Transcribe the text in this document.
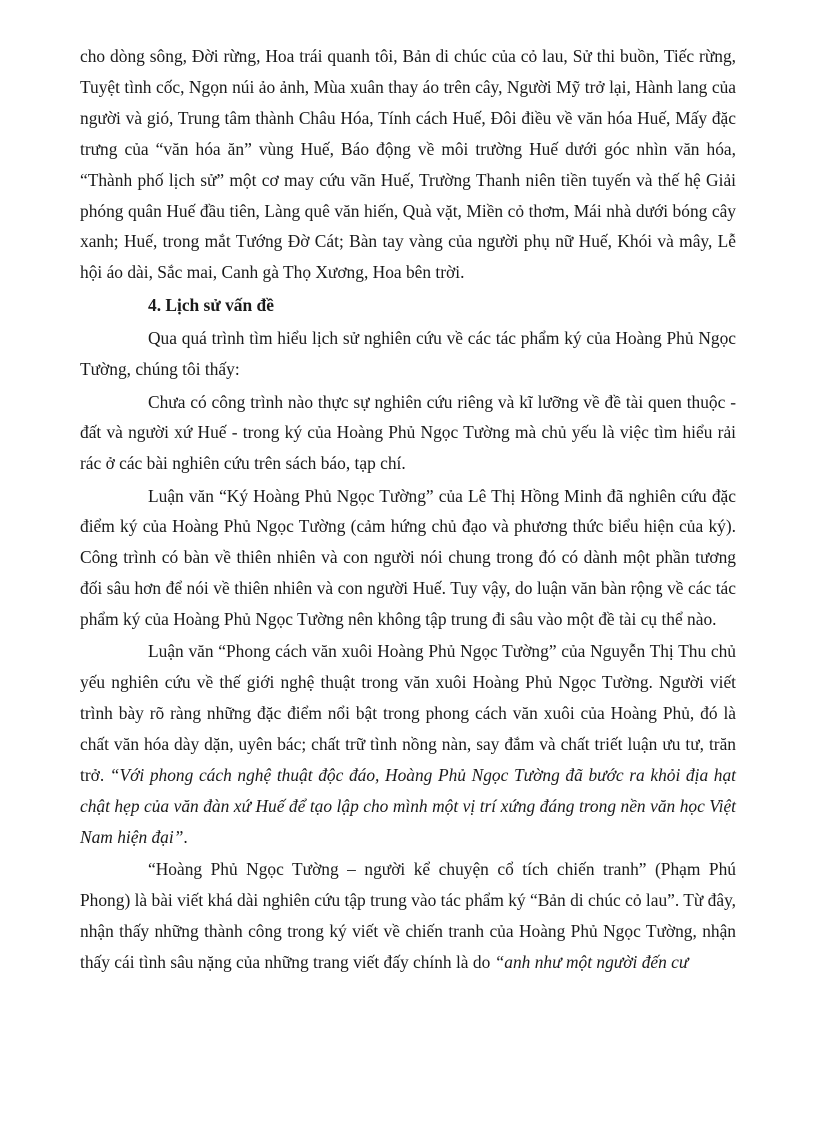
cho dòng sông, Đời rừng, Hoa trái quanh tôi, Bản di chúc của cỏ lau, Sử thi buồn, Tiếc rừng, Tuyệt tình cốc, Ngọn núi ảo ảnh, Mùa xuân thay áo trên cây, Người Mỹ trở lại, Hành lang của người và gió, Trung tâm thành Châu Hóa, Tính cách Huế, Đôi điều về văn hóa Huế, Mấy đặc trưng của “văn hóa ăn” vùng Huế, Báo động về môi trường Huế dưới góc nhìn văn hóa, “Thành phố lịch sử” một cơ may cứu vãn Huế, Trường Thanh niên tiền tuyến và thế hệ Giải phóng quân Huế đầu tiên, Làng quê văn hiến, Quà vặt, Miền cỏ thơm, Mái nhà dưới bóng cây xanh; Huế, trong mắt Tướng Đờ Cát; Bàn tay vàng của người phụ nữ Huế, Khói và mây, Lễ hội áo dài, Sắc mai, Canh gà Thọ Xương, Hoa bên trời.

4. Lịch sử vấn đề

Qua quá trình tìm hiểu lịch sử nghiên cứu về các tác phẩm ký của Hoàng Phủ Ngọc Tường, chúng tôi thấy:

Chưa có công trình nào thực sự nghiên cứu riêng và kĩ lưỡng về đề tài quen thuộc - đất và người xứ Huế - trong ký của Hoàng Phủ Ngọc Tường mà chủ yếu là việc tìm hiểu rải rác ở các bài nghiên cứu trên sách báo, tạp chí.

Luận văn “Ký Hoàng Phủ Ngọc Tường” của Lê Thị Hồng Minh đã nghiên cứu đặc điểm ký của Hoàng Phủ Ngọc Tường (cảm hứng chủ đạo và phương thức biểu hiện của ký). Công trình có bàn về thiên nhiên và con người nói chung trong đó có dành một phần tương đối sâu hơn để nói về thiên nhiên và con người Huế. Tuy vậy, do luận văn bàn rộng về các tác phẩm ký của Hoàng Phủ Ngọc Tường nên không tập trung đi sâu vào một đề tài cụ thể nào.

Luận văn “Phong cách văn xuôi Hoàng Phủ Ngọc Tường” của Nguyễn Thị Thu chủ yếu nghiên cứu về thế giới nghệ thuật trong văn xuôi Hoàng Phủ Ngọc Tường. Người viết trình bày rõ ràng những đặc điểm nổi bật trong phong cách văn xuôi của Hoàng Phủ, đó là chất văn hóa dày dặn, uyên bác; chất trữ tình nồng nàn, say đắm và chất triết luận ưu tư, trăn trở. “Với phong cách nghệ thuật độc đáo, Hoàng Phủ Ngọc Tường đã bước ra khỏi địa hạt chật hẹp của văn đàn xứ Huế để tạo lập cho mình một vị trí xứng đáng trong nền văn học Việt Nam hiện đại”.

“Hoàng Phủ Ngọc Tường – người kể chuyện cổ tích chiến tranh” (Phạm Phú Phong) là bài viết khá dài nghiên cứu tập trung vào tác phẩm ký “Bản di chúc cỏ lau”. Từ đây, nhận thấy những thành công trong ký viết về chiến tranh của Hoàng Phủ Ngọc Tường, nhận thấy cái tình sâu nặng của những trang viết đấy chính là do “anh như một người đến cư
